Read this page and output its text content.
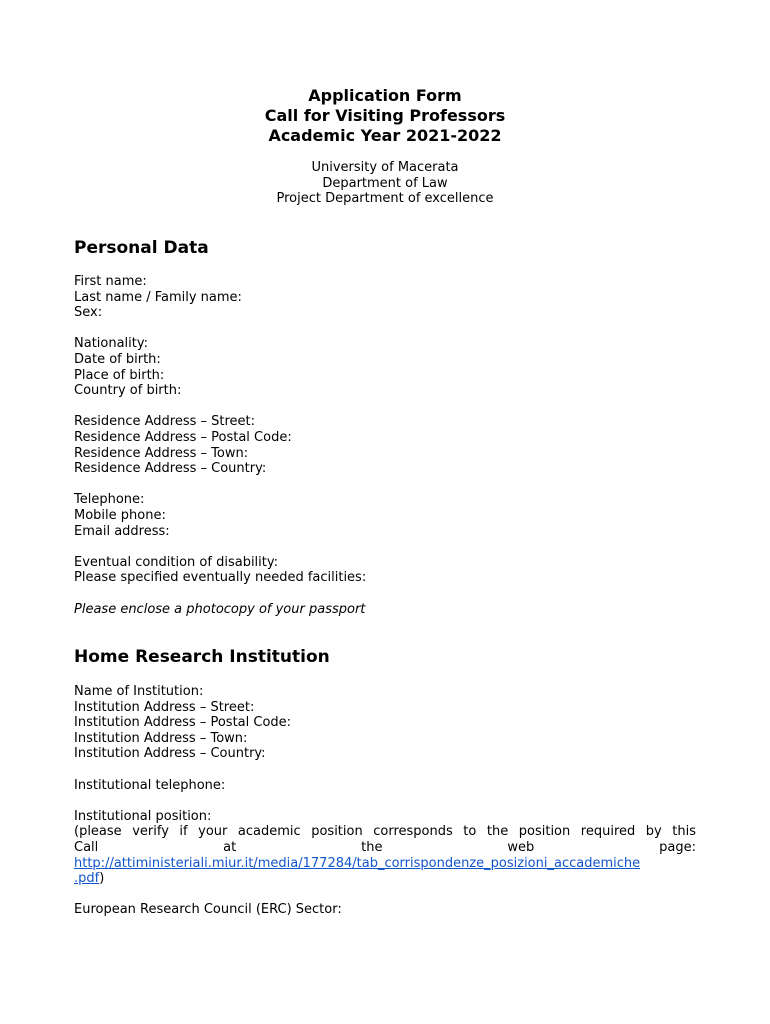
Application Form
Call for Visiting Professors
Academic Year 2021-2022
University of Macerata
Department of Law
Project Department of excellence
Personal Data
First name:
Last name / Family name:
Sex:
Nationality:
Date of birth:
Place of birth:
Country of birth:
Residence Address – Street:
Residence Address – Postal Code:
Residence Address – Town:
Residence Address – Country:
Telephone:
Mobile phone:
Email address:
Eventual condition of disability:
Please specified eventually needed facilities:
Please enclose a photocopy of your passport
Home Research Institution
Name of Institution:
Institution Address – Street:
Institution Address – Postal Code:
Institution Address – Town:
Institution Address – Country:
Institutional telephone:
Institutional position:
(please verify if your academic position corresponds to the position required by this
Call at the web page:
http://attiministeriali.miur.it/media/177284/tab_corrispondenze_posizioni_accademiche
.pdf)
European Research Council (ERC) Sector:
